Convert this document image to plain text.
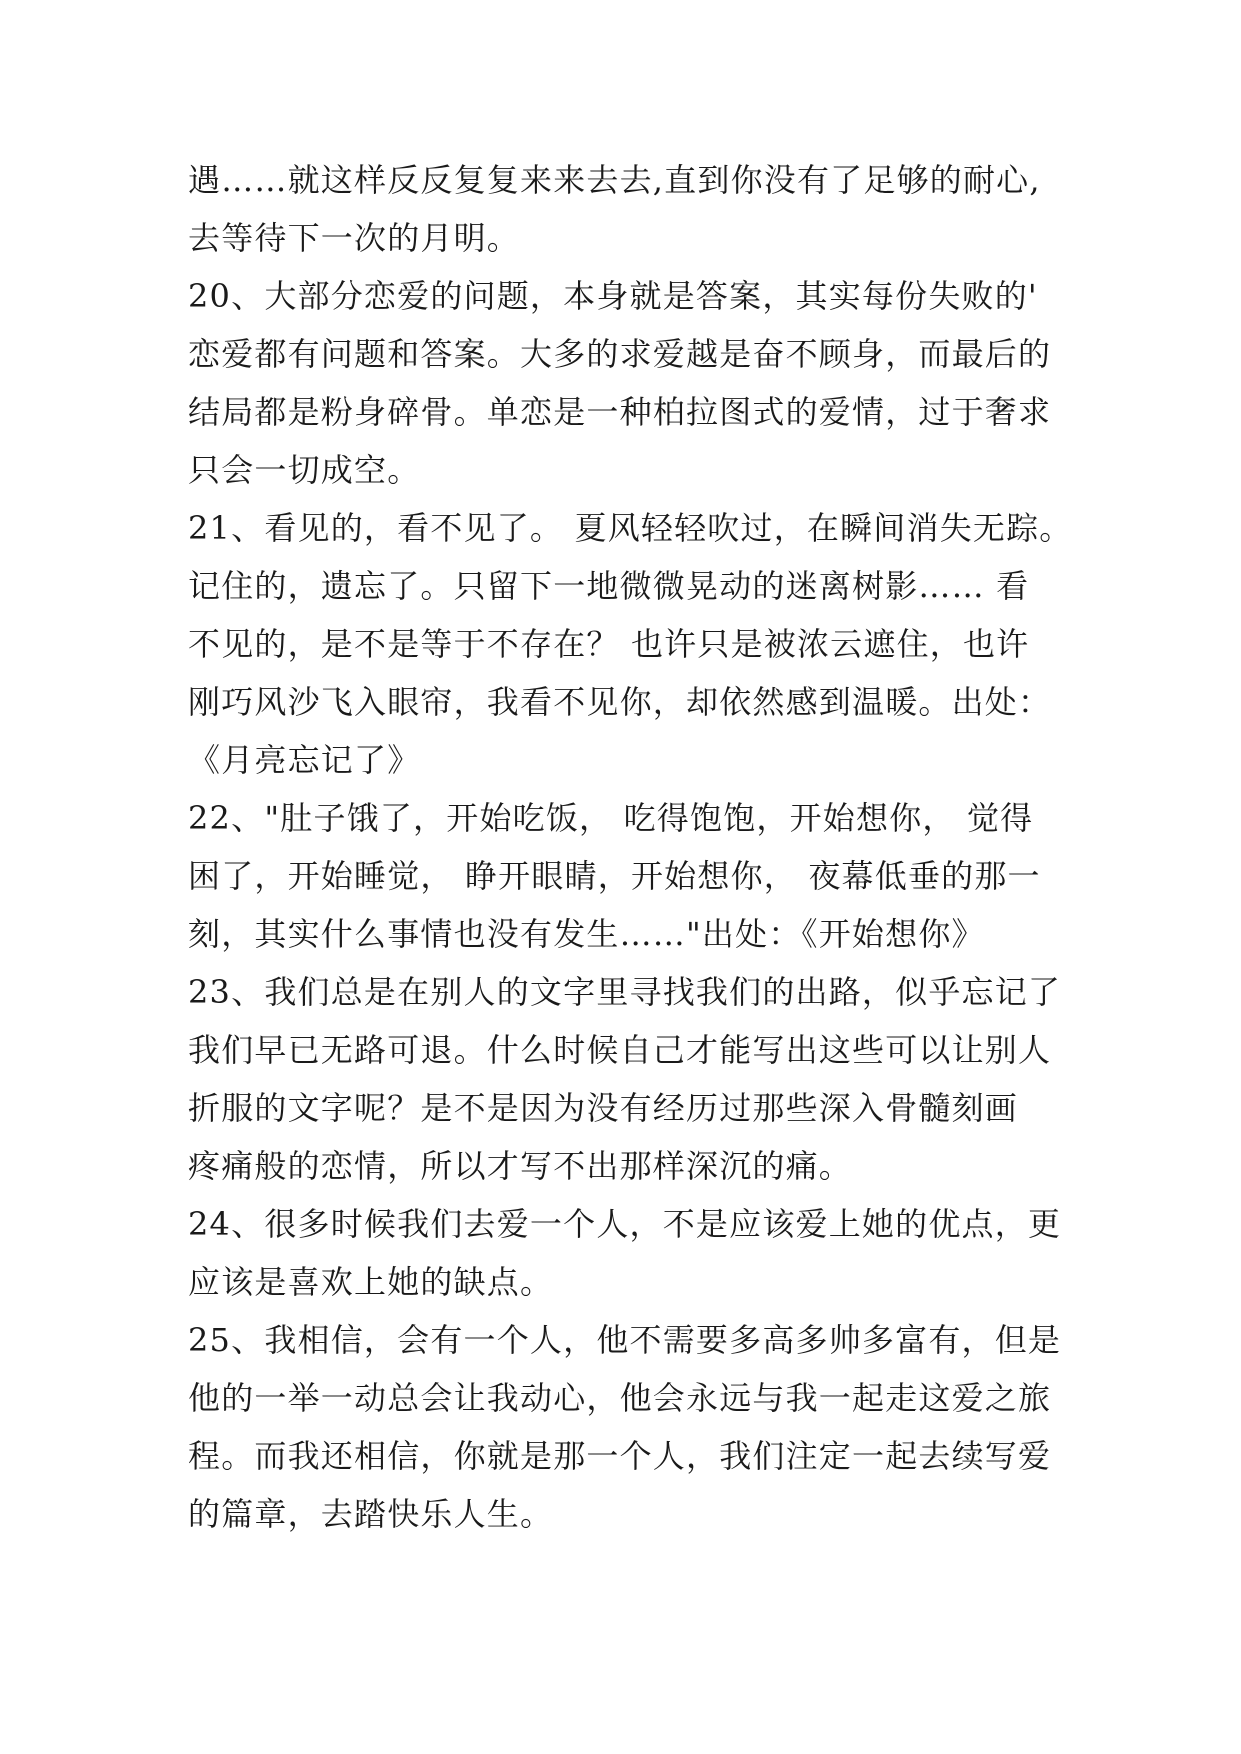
遇……就这样反反复复来来去去,直到你没有了足够的耐心,
去等待下一次的月明。
20、大部分恋爱的问题，本身就是答案，其实每份失败的'
恋爱都有问题和答案。大多的求爱越是奋不顾身，而最后的
结局都是粉身碎骨。单恋是一种柏拉图式的爱情，过于奢求
只会一切成空。
21、看见的，看不见了。 夏风轻轻吹过，在瞬间消失无踪。
记住的，遗忘了。只留下一地微微晃动的迷离树影…… 看
不见的，是不是等于不存在？ 也许只是被浓云遮住，也许
刚巧风沙飞入眼帘，我看不见你，却依然感到温暖。出处：
《月亮忘记了》
22、"肚子饿了，开始吃饭， 吃得饱饱，开始想你， 觉得
困了，开始睡觉， 睁开眼睛，开始想你， 夜幕低垂的那一
刻，其实什么事情也没有发生……"出处：《开始想你》
23、我们总是在别人的文字里寻找我们的出路，似乎忘记了
我们早已无路可退。什么时候自己才能写出这些可以让别人
折服的文字呢？是不是因为没有经历过那些深入骨髓刻画
疼痛般的恋情，所以才写不出那样深沉的痛。
24、很多时候我们去爱一个人，不是应该爱上她的优点，更
应该是喜欢上她的缺点。
25、我相信，会有一个人，他不需要多高多帅多富有，但是
他的一举一动总会让我动心，他会永远与我一起走这爱之旅
程。而我还相信，你就是那一个人，我们注定一起去续写爱
的篇章，去踏快乐人生。
